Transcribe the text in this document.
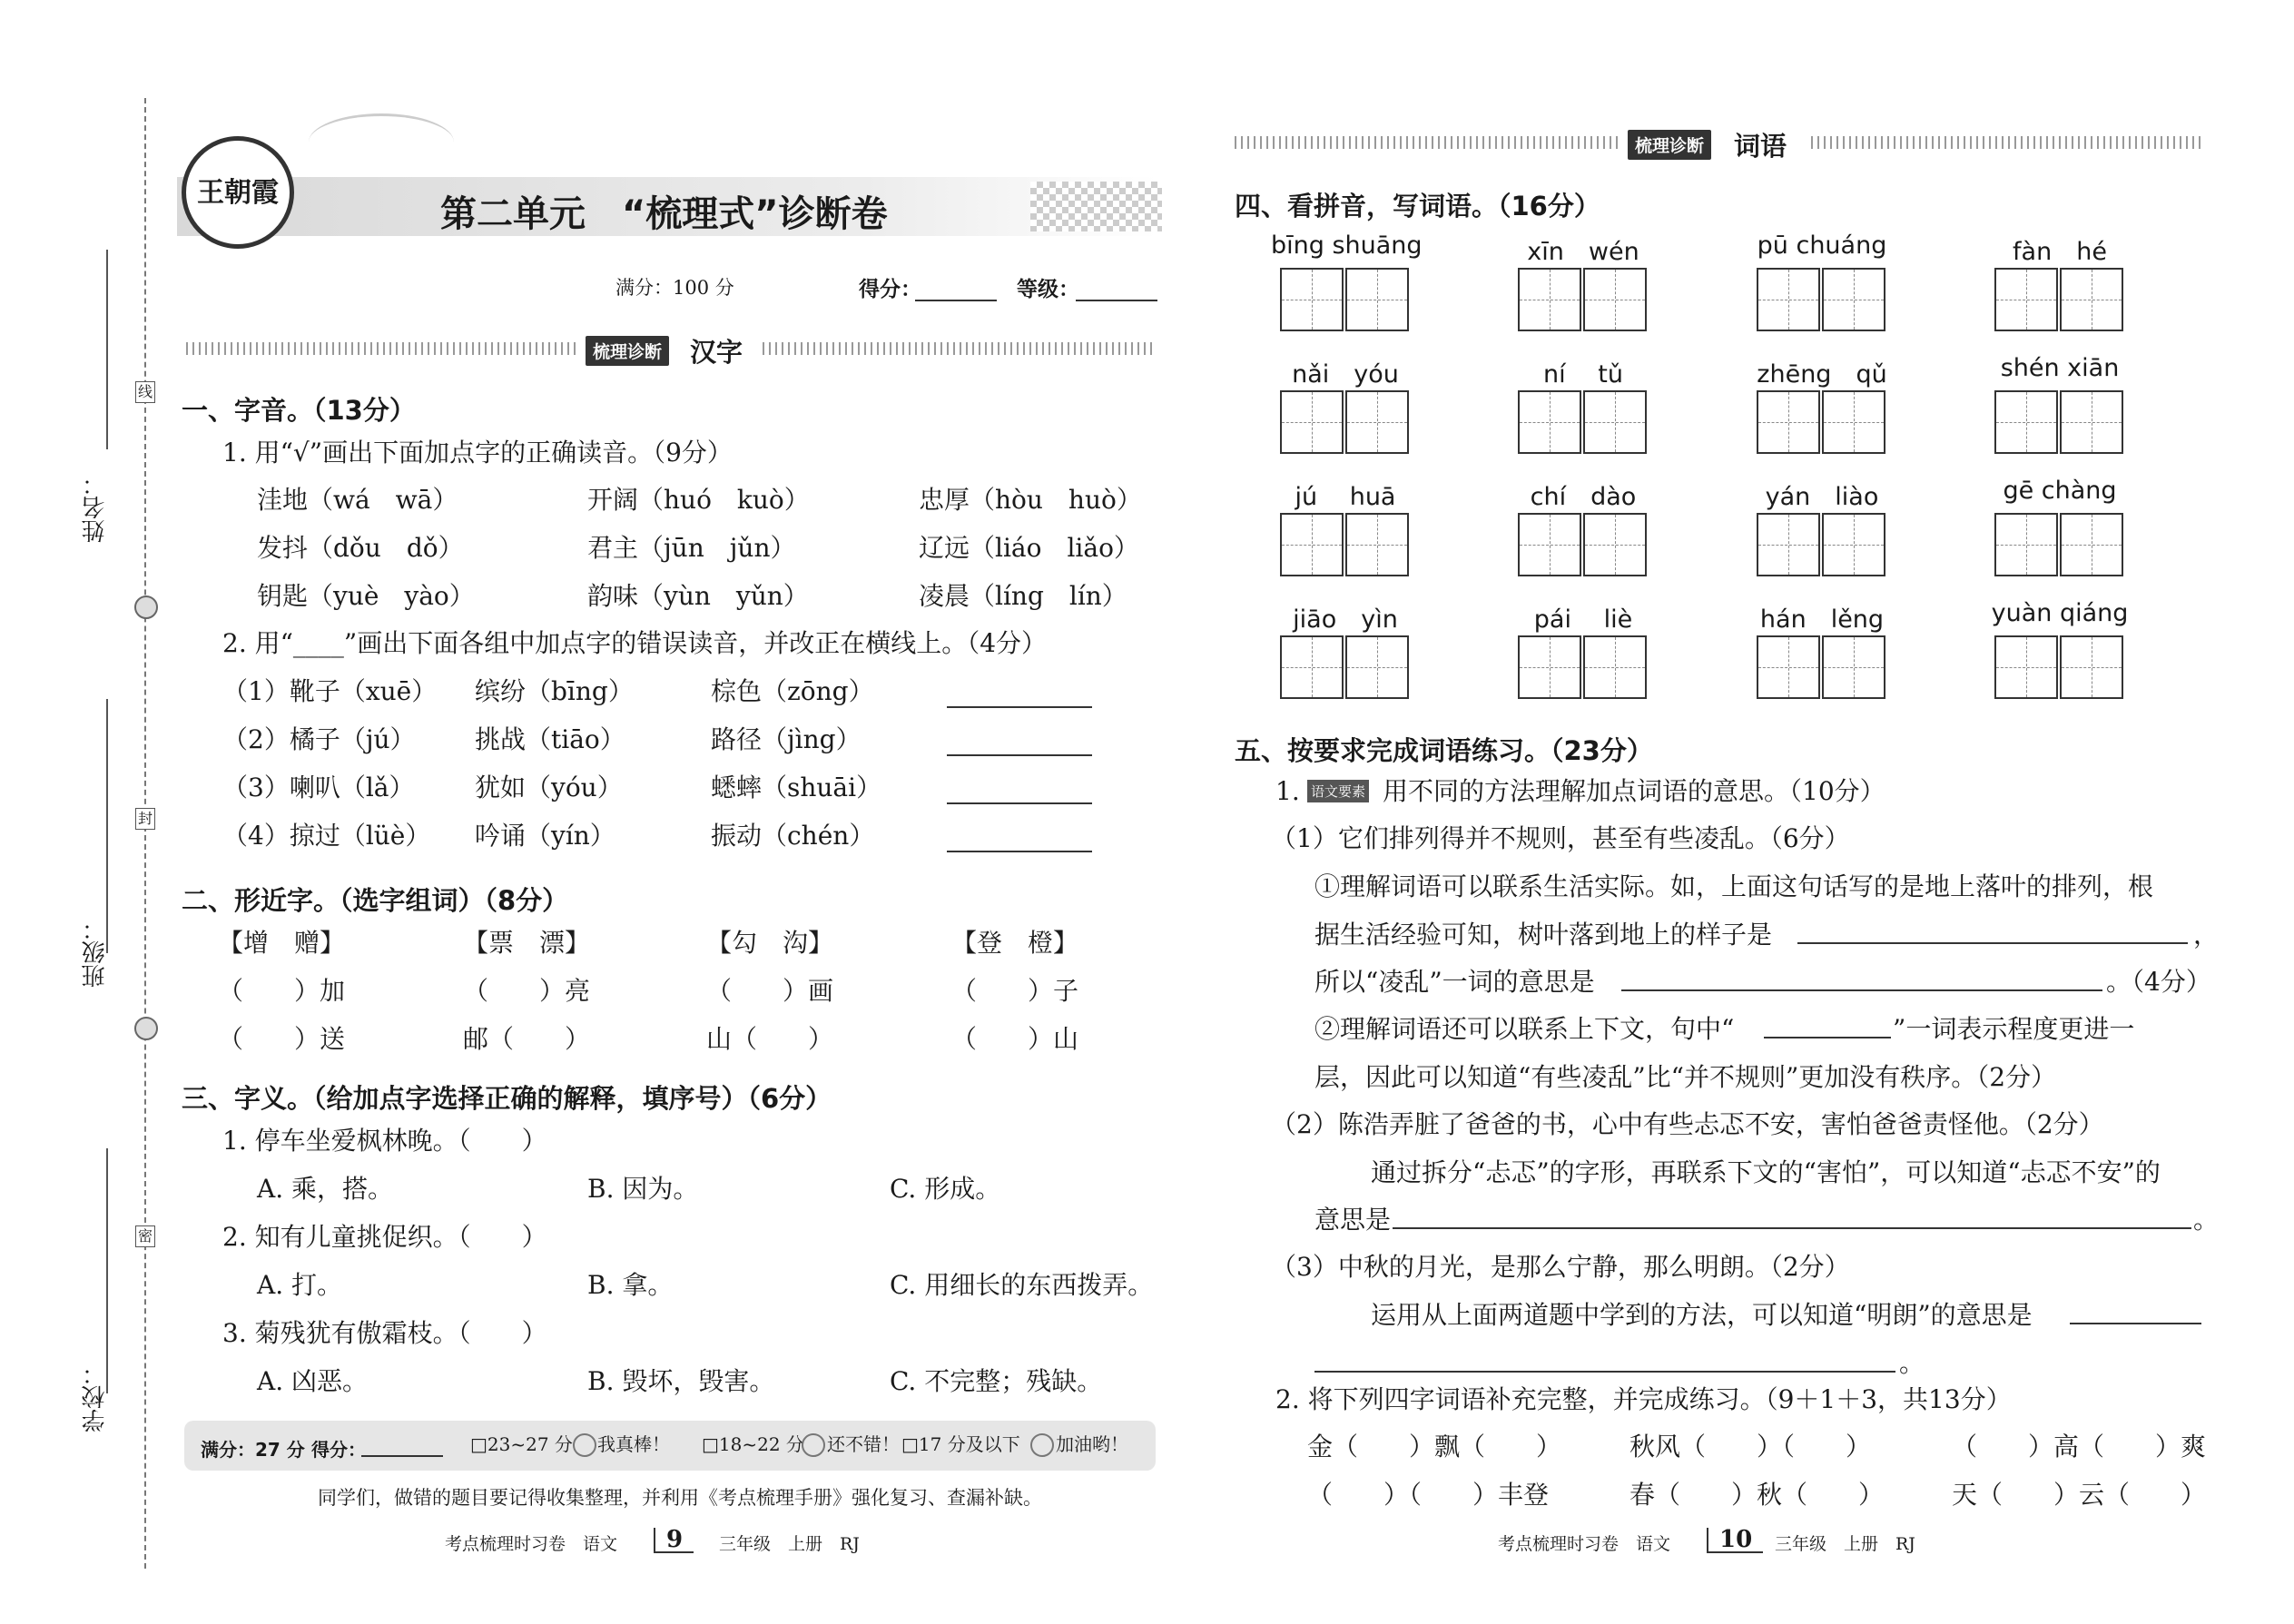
姓名：
班级：
学校：
线
封
密
王朝霞
第二单元　“梳理式”诊断卷
满分：100 分	得分：	等级：
梳理诊断 汉字
一、字音。（13分）
1. 用“√”画出下面加点字的正确读音。（9分）
洼地（wá　wā）	开阔（huó　kuò）	忠厚（hòu　huò）
发抖（dǒu　dǒ）	君主（jūn　jǔn）	辽远（liáo　liǎo）
钥匙（yuè　yào）	韵味（yùn　yǔn）	凌晨（líng　lín）
2. 用“____”画出下面各组中加点字的错误读音，并改正在横线上。（4分）
（1）靴子（xuē） 缤纷（bīng）	棕色（zōng）
（2）橘子（jú） 挑战（tiāo）	路径（jìng）
（3）喇叭（lǎ） 犹如（yóu）	蟋蟀（shuāi）
（4）掠过（lüè） 吟诵（yín）	振动（chén）
二、形近字。（选字组词）（8分）
【增　赠】	【票　漂】	【勾　沟】	【登　橙】
（　　）加	（　　）亮	（　　）画	（　　）子
（　　）送	邮（　　）	山（　　）	（　　）山
三、字义。（给加点字选择正确的解释，填序号）（6分）
1. 停车坐爱枫林晚。（　　）
A. 乘，搭。	B. 因为。	C. 形成。
2. 知有儿童挑促织。（　　）
A. 打。	B. 拿。	C. 用细长的东西拨弄。
3. 菊残犹有傲霜枝。（　　）
A. 凶恶。	B. 毁坏，毁害。	C. 不完整；残缺。
满分：27 分 得分：	□23~27 分 我真棒！ □18~22 分 还不错！ □17 分及以下 加油哟！
同学们，做错的题目要记得收集整理，并利用《考点梳理手册》强化复习、查漏补缺。
考点梳理时习卷　语文	9	三年级　上册　RJ
梳理诊断 词语
四、看拼音，写词语。（16分）
bīng shuāng	xīn　wén	pū chuáng	fàn　hé
nǎi　yóu	ní　 tǔ	zhēng　qǔ	shén xiān
jú　 huā	chí　dào	yán　liào	gē chàng
jiāo　yìn	pái　 liè	hán　lěng	yuàn qiáng
五、按要求完成词语练习。（23分）
1. 语文要素 用不同的方法理解加点词语的意思。（10分）
（1）它们排列得并不规则，甚至有些凌乱。（6分）
①理解词语可以联系生活实际。如，上面这句话写的是地上落叶的排列，根
据生活经验可知，树叶落到地上的样子是	，
所以“凌乱”一词的意思是	。（4分）
②理解词语还可以联系上下文，句中“	”一词表示程度更进一
层，因此可以知道“有些凌乱”比“并不规则”更加没有秩序。（2分）
（2）陈浩弄脏了爸爸的书，心中有些忐忑不安，害怕爸爸责怪他。（2分）
通过拆分“忐忑”的字形，再联系下文的“害怕”，可以知道“忐忑不安”的
意思是	。
（3）中秋的月光，是那么宁静，那么明朗。（2分）
运用从上面两道题中学到的方法，可以知道“明朗”的意思是
。
2. 将下列四字词语补充完整，并完成练习。（9＋1＋3，共13分）
金（　　）飘（　　）	秋风（　　）（　　）	（　　）高（　　）爽
（　　）（　　）丰登	春（　　）秋（　　）	天（　　）云（　　）
考点梳理时习卷　语文	10	三年级　上册　RJ
